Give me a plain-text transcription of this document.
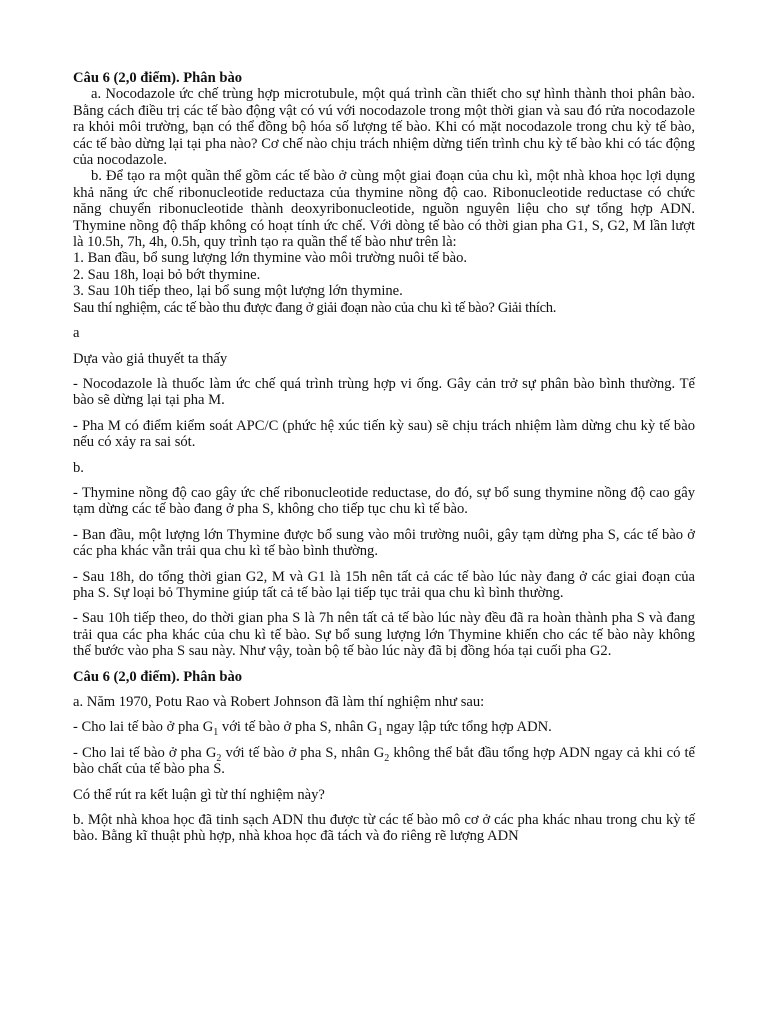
Câu 6 (2,0 điểm). Phân bào

a. Nocodazole ức chế trùng hợp microtubule, một quá trình cần thiết cho sự hình thành thoi phân bào. Bằng cách điều trị các tế bào động vật có vú với nocodazole trong một thời gian và sau đó rửa nocodazole ra khỏi môi trường, bạn có thể đồng bộ hóa số lượng tế bào. Khi có mặt nocodazole trong chu kỳ tế bào, các tế bào dừng lại tại pha nào? Cơ chế nào chịu trách nhiệm dừng tiến trình chu kỳ tế bào khi có tác động của nocodazole.

b. Để tạo ra một quần thể gồm các tế bào ở cùng một giai đoạn của chu kì, một nhà khoa học lợi dụng khả năng ức chế ribonucleotide reductaza của thymine nồng độ cao. Ribonucleotide reductase có chức năng chuyển ribonucleotide thành deoxyribonucleotide, nguồn nguyên liệu cho sự tổng hợp ADN. Thymine nồng độ thấp không có hoạt tính ức chế. Với dòng tế bào có thời gian pha G1, S, G2, M lần lượt là 10.5h, 7h, 4h, 0.5h, quy trình tạo ra quần thể tế bào như trên là:

1. Ban đầu, bổ sung lượng lớn thymine vào môi trường nuôi tế bào.

2. Sau 18h, loại bỏ bớt thymine.

3. Sau 10h tiếp theo, lại bổ sung một lượng lớn thymine.

Sau thí nghiệm, các tế bào thu được đang ở giải đoạn nào của chu kì tế bào? Giải thích.

a

Dựa vào giả thuyết ta thấy

- Nocodazole là thuốc làm ức chế quá trình trùng hợp vi ống. Gây cản trở sự phân bào bình thường. Tế bào sẽ dừng lại tại pha M.

- Pha M có điểm kiểm soát APC/C (phức hệ xúc tiến kỳ sau) sẽ chịu trách nhiệm làm dừng chu kỳ tế bào nếu có xảy ra sai sót.

b.

- Thymine nồng độ cao gây ức chế ribonucleotide reductase, do đó, sự bổ sung thymine nồng độ cao gây tạm dừng các tế bào đang ở pha S, không cho tiếp tục chu kì tế bào.

- Ban đầu, một lượng lớn Thymine được bổ sung vào môi trường nuôi, gây tạm dừng pha S, các tế bào ở các pha khác vẫn trải qua chu kì tế bào bình thường.

- Sau 18h, do tổng thời gian G2, M và G1 là 15h nên tất cả các tế bào lúc này đang ở các giai đoạn của pha S. Sự loại bỏ Thymine giúp tất cả tế bào lại tiếp tục trải qua chu kì bình thường.

- Sau 10h tiếp theo, do thời gian pha S là 7h nên tất cả tế bào lúc này đều đã ra hoàn thành pha S và đang trải qua các pha khác của chu kì tế bào. Sự bổ sung lượng lớn Thymine khiến cho các tế bào này không thể bước vào pha S sau này. Như vậy, toàn bộ tế bào lúc này đã bị đồng hóa tại cuối pha G2.

Câu 6 (2,0 điểm). Phân bào

a. Năm 1970, Potu Rao và Robert Johnson đã làm thí nghiệm như sau:

- Cho lai tế bào ở pha $G_1$ với tế bào ở pha S, nhân $G_1$ ngay lập tức tổng hợp ADN.

- Cho lai tế bào ở pha $G_2$ với tế bào ở pha S, nhân $G_2$ không thể bắt đầu tổng hợp ADN ngay cả khi có tế bào chất của tế bào pha S.

Có thể rút ra kết luận gì từ thí nghiệm này?

b. Một nhà khoa học đã tinh sạch ADN thu được từ các tế bào mô cơ ở các pha khác nhau trong chu kỳ tế bào. Bằng kĩ thuật phù hợp, nhà khoa học đã tách và đo riêng rẽ lượng ADN
